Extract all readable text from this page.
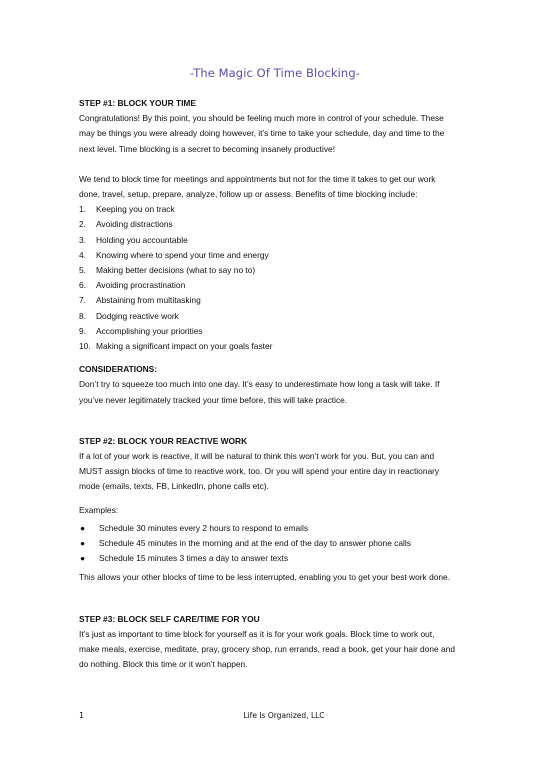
-The Magic Of Time Blocking-

STEP #1: BLOCK YOUR TIME

Congratulations! By this point, you should be feeling much more in control of your schedule. These

may be things you were already doing however, it’s time to take your schedule, day and time to the

next level. Time blocking is a secret to becoming insanely productive!

We tend to block time for meetings and appointments but not for the time it takes to get our work

done, travel, setup, prepare, analyze, follow up or assess. Benefits of time blocking include:

1.	Keeping you on track
2.	Avoiding distractions
3.	Holding you accountable
4.	Knowing where to spend your time and energy
5.	Making better decisions (what to say no to)
6.	Avoiding procrastination
7.	Abstaining from multitasking
8.	Dodging reactive work
9.	Accomplishing your priorities
10. Making a significant impact on your goals faster

CONSIDERATIONS:

Don’t try to squeeze too much into one day. It’s easy to underestimate how long a task will take. If

you’ve never legitimately tracked your time before, this will take practice.

STEP #2: BLOCK YOUR REACTIVE WORK

If a lot of your work is reactive, it will be natural to think this won’t work for you. But, you can and

MUST assign blocks of time to reactive work, too. Or you will spend your entire day in reactionary

mode (emails, texts, FB, LinkedIn, phone calls etc).

Examples:

●	Schedule 30 minutes every 2 hours to respond to emails
●	Schedule 45 minutes in the morning and at the end of the day to answer phone calls
●	Schedule 15 minutes 3 times a day to answer texts

This allows your other blocks of time to be less interrupted, enabling you to get your best work done.

STEP #3: BLOCK SELF CARE/TIME FOR YOU

It’s just as important to time block for yourself as it is for your work goals. Block time to work out,

make meals, exercise, meditate, pray, grocery shop, run errands, read a book, get your hair done and

do nothing. Block this time or it won’t happen.

1	Life Is Organized, LLC
